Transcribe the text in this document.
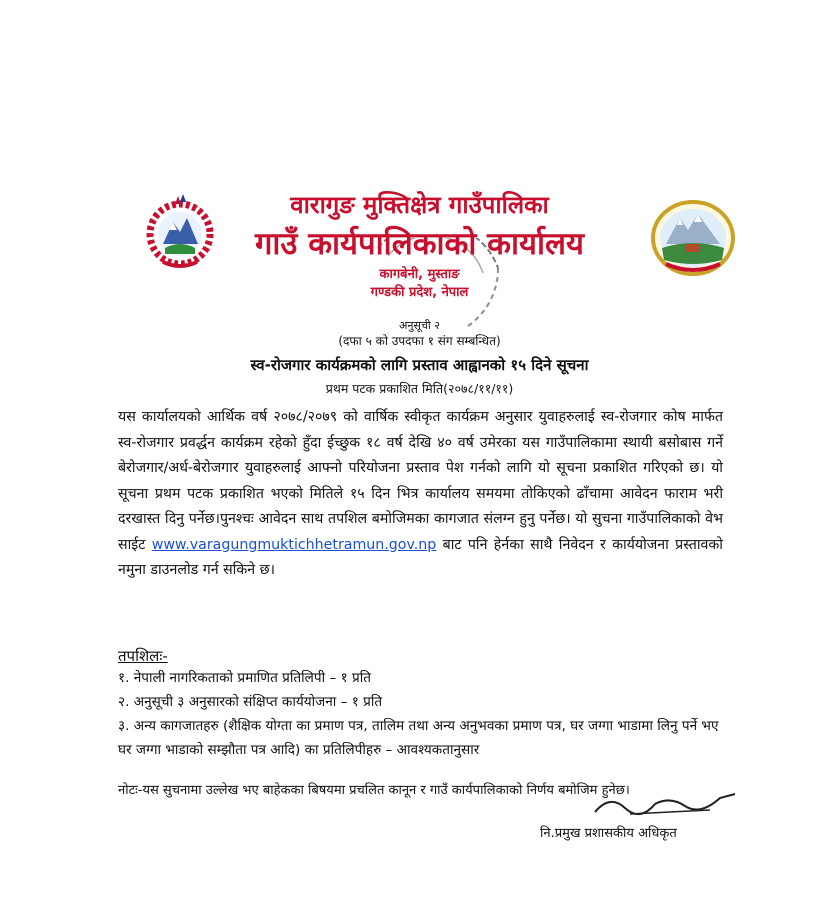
वारागुङ मुक्तिक्षेत्र गाउँपालिका
गाउँ कार्यपालिकाको कार्यालय
कागबेनी, मुस्ताङ
गण्डकी प्रदेश, नेपाल
अनुसूची २
(दफा ५ को उपदफा १ संग सम्बन्धित)
स्व-रोजगार कार्यक्रमको लागि प्रस्ताव आह्वानको १५ दिने सूचना
प्रथम पटक प्रकाशित मिति(२०७८/११/११)
यस कार्यालयको आर्थिक वर्ष २०७८/२०७९ को वार्षिक स्वीकृत कार्यक्रम अनुसार युवाहरुलाई स्व-रोजगार कोष मार्फत स्व-रोजगार प्रवर्द्धन कार्यक्रम रहेको हुँदा ईच्छुक १८ वर्ष देखि ४० वर्ष उमेरका यस गाउँपालिकामा स्थायी बसोबास गर्ने बेरोजगार/अर्ध-बेरोजगार युवाहरुलाई आफ्नो परियोजना प्रस्ताव पेश गर्नको लागि यो सूचना प्रकाशित गरिएको छ। यो सूचना प्रथम पटक प्रकाशित भएको मितिले १५ दिन भित्र कार्यालय समयमा तोकिएको ढाँचामा आवेदन फाराम भरी दरखास्त दिनु पर्नेछ।पुनश्चः आवेदन साथ तपशिल बमोजिमका कागजात संलग्न हुनु पर्नेछ। यो सुचना गाउँपालिकाको वेभ साईट www.varagungmuktichhetramun.gov.np बाट पनि हेर्नका साथै निवेदन र कार्ययोजना प्रस्तावको नमुना डाउनलोड गर्न सकिने छ।
तपशिलः-
१. नेपाली नागरिकताको प्रमाणित प्रतिलिपी – १ प्रति
२. अनुसूची ३ अनुसारको संक्षिप्त कार्ययोजना – १ प्रति
३. अन्य कागजातहरु (शैक्षिक योग्ता का प्रमाण पत्र, तालिम तथा अन्य अनुभवका प्रमाण पत्र, घर जग्गा भाडामा लिनु पर्ने भए घर जग्गा भाडाको सम्झौता पत्र आदि) का प्रतिलिपीहरु – आवश्यकतानुसार
नोटः-यस सुचनामा उल्लेख भए बाहेकका बिषयमा प्रचलित कानून र गाउँ कार्यपालिकाको निर्णय बमोजिम हुनेछ।
नि.प्रमुख प्रशासकीय अधिकृत
